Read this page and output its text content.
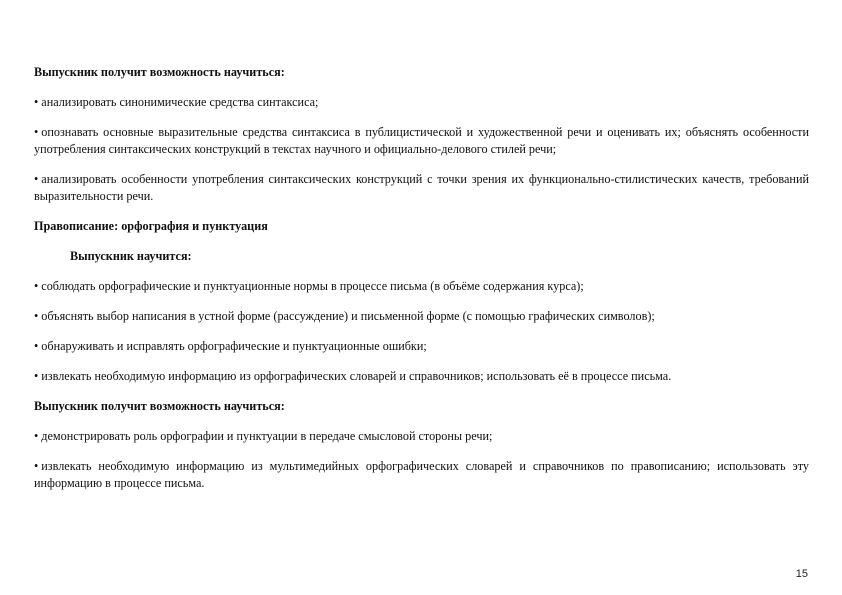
Выпускник получит возможность научиться:

• анализировать синонимические средства синтаксиса;

• опознавать основные выразительные средства синтаксиса в публицистической и художественной речи и оценивать их; объяснять особенности употребления синтаксических конструкций в текстах научного и официально-делового стилей речи;

• анализировать особенности употребления синтаксических конструкций с точки зрения их функционально-стилистических качеств, требований выразительности речи.

Правописание: орфография и пунктуация

Выпускник научится:

• соблюдать орфографические и пунктуационные нормы в процессе письма (в объёме содержания курса);

• объяснять выбор написания в устной форме (рассуждение) и письменной форме (с помощью графических символов);

• обнаруживать и исправлять орфографические и пунктуационные ошибки;

• извлекать необходимую информацию из орфографических словарей и справочников; использовать её в процессе письма.

Выпускник получит возможность научиться:

• демонстрировать роль орфографии и пунктуации в передаче смысловой стороны речи;

• извлекать необходимую информацию из мультимедийных орфографических словарей и справочников по правописанию; использовать эту информацию в процессе письма.

15
